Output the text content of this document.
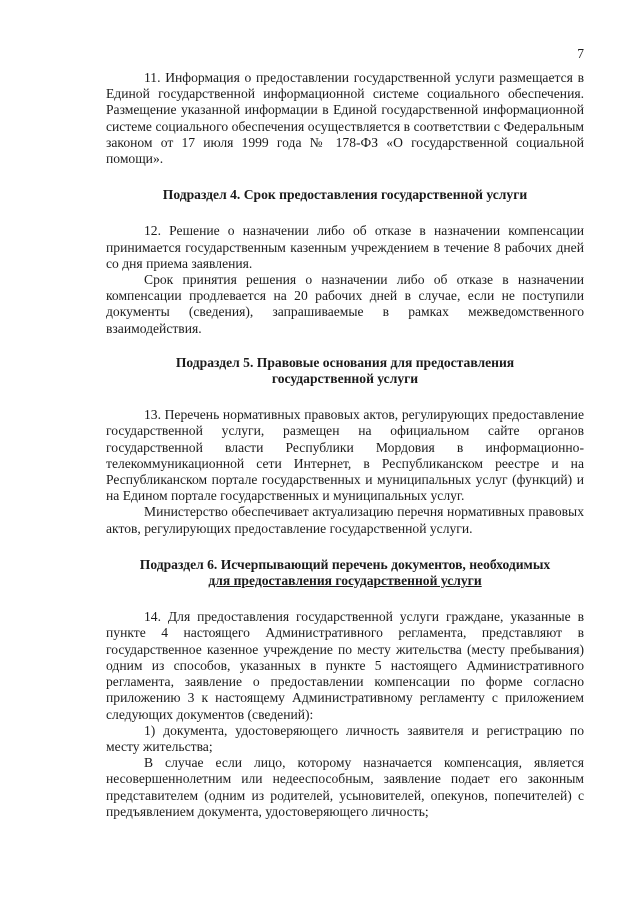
7

11. Информация о предоставлении государственной услуги размещается в Единой государственной информационной системе социального обеспечения. Размещение указанной информации в Единой государственной информационной системе социального обеспечения осуществляется в соответствии с Федеральным законом от 17 июля 1999 года № 178-ФЗ «О государственной социальной помощи».

Подраздел 4. Срок предоставления государственной услуги

12. Решение о назначении либо об отказе в назначении компенсации принимается государственным казенным учреждением в течение 8 рабочих дней со дня приема заявления.

Срок принятия решения о назначении либо об отказе в назначении компенсации продлевается на 20 рабочих дней в случае, если не поступили документы (сведения), запрашиваемые в рамках межведомственного взаимодействия.

Подраздел 5. Правовые основания для предоставления
государственной услуги

13. Перечень нормативных правовых актов, регулирующих предоставление государственной услуги, размещен на официальном сайте органов государственной власти Республики Мордовия в информационно-телекоммуникационной сети Интернет, в Республиканском реестре и на Республиканском портале государственных и муниципальных услуг (функций) и на Едином портале государственных и муниципальных услуг.

Министерство обеспечивает актуализацию перечня нормативных правовых актов, регулирующих предоставление государственной услуги.

Подраздел 6. Исчерпывающий перечень документов, необходимых
для предоставления государственной услуги

14. Для предоставления государственной услуги граждане, указанные в пункте 4 настоящего Административного регламента, представляют в государственное казенное учреждение по месту жительства (месту пребывания) одним из способов, указанных в пункте 5 настоящего Административного регламента, заявление о предоставлении компенсации по форме согласно приложению 3 к настоящему Административному регламенту с приложением следующих документов (сведений):

1) документа, удостоверяющего личность заявителя и регистрацию по месту жительства;

В случае если лицо, которому назначается компенсация, является несовершеннолетним или недееспособным, заявление подает его законным представителем (одним из родителей, усыновителей, опекунов, попечителей) с предъявлением документа, удостоверяющего личность;
